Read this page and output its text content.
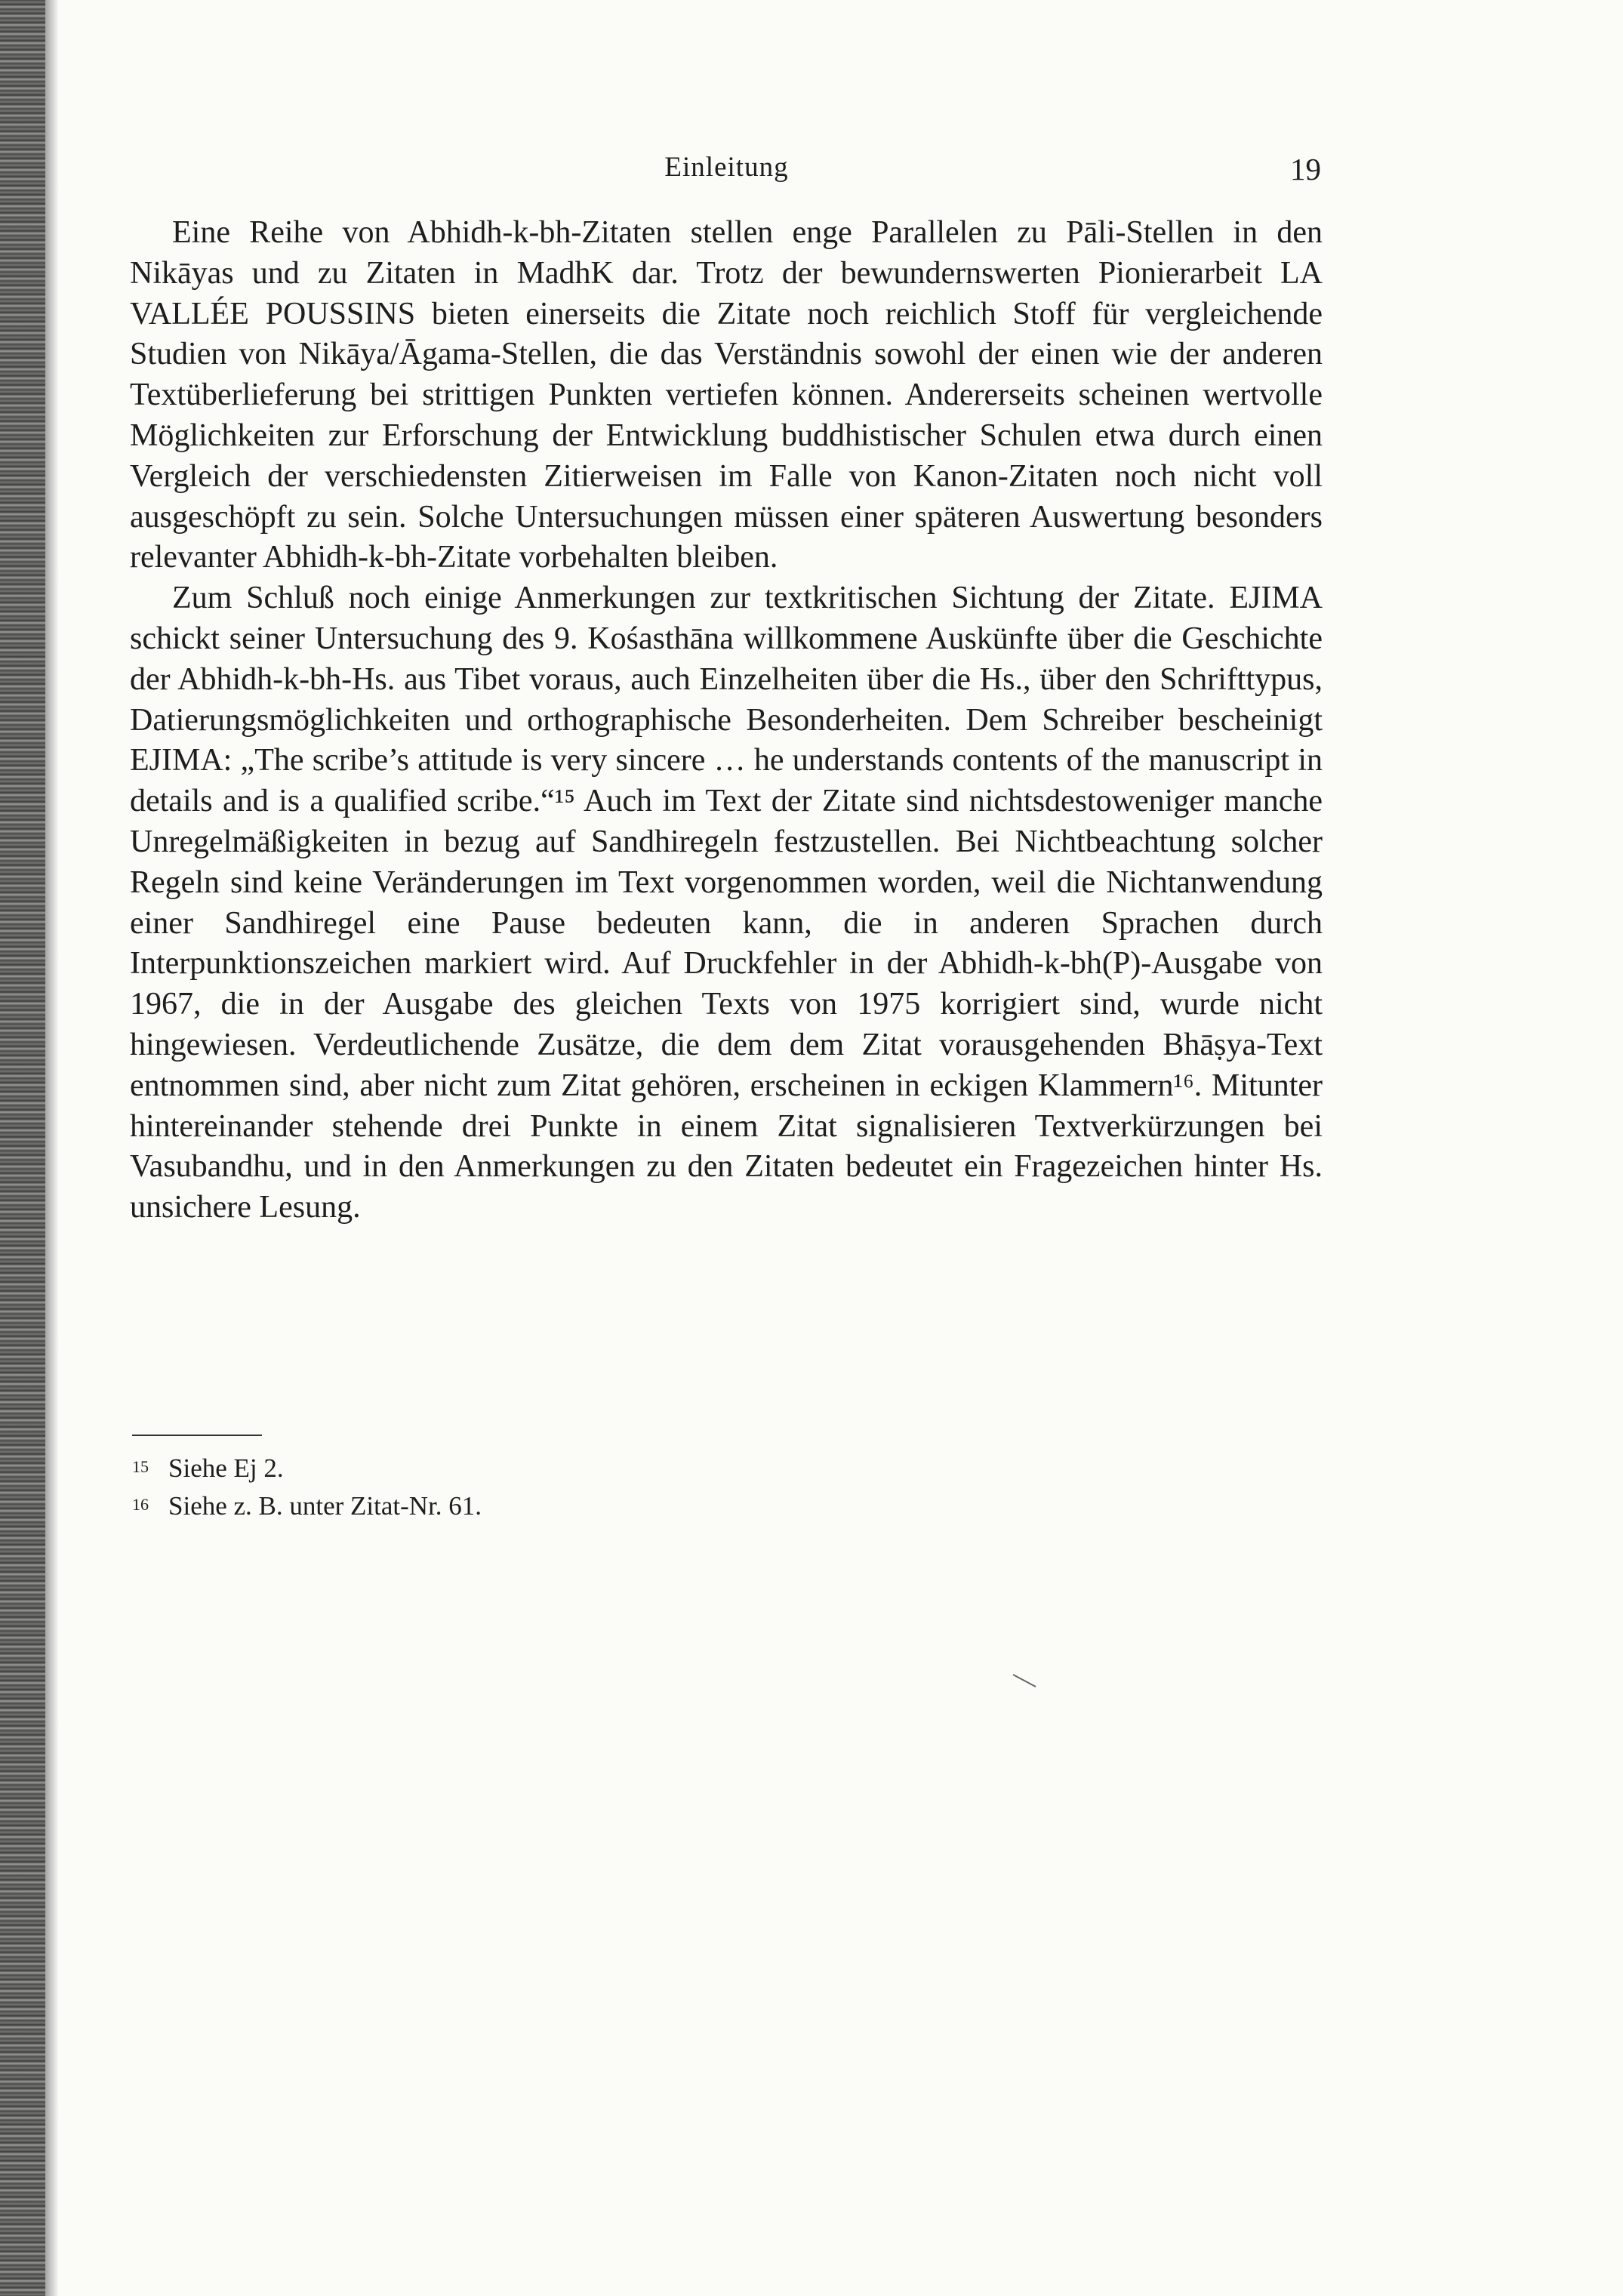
Einleitung	19

Eine Reihe von Abhidh-k-bh-Zitaten stellen enge Parallelen zu Pāli-Stellen in den Nikāyas und zu Zitaten in MadhK dar. Trotz der bewundernswerten Pionierarbeit LA VALLÉE POUSSINS bieten einerseits die Zitate noch reichlich Stoff für vergleichende Studien von Nikāya/Āgama-Stellen, die das Verständnis sowohl der einen wie der anderen Textüberlieferung bei strittigen Punkten vertiefen können. Andererseits scheinen wertvolle Möglichkeiten zur Erforschung der Entwicklung buddhistischer Schulen etwa durch einen Vergleich der verschiedensten Zitierweisen im Falle von Kanon-Zitaten noch nicht voll ausgeschöpft zu sein. Solche Untersuchungen müssen einer späteren Auswertung besonders relevanter Abhidh-k-bh-Zitate vorbehalten bleiben.

Zum Schluß noch einige Anmerkungen zur textkritischen Sichtung der Zitate. EJIMA schickt seiner Untersuchung des 9. Kośasthāna willkommene Auskünfte über die Geschichte der Abhidh-k-bh-Hs. aus Tibet voraus, auch Einzelheiten über die Hs., über den Schrifttypus, Datierungsmöglichkeiten und orthographische Besonderheiten. Dem Schreiber bescheinigt EJIMA: „The scribe’s attitude is very sincere … he understands contents of the manuscript in details and is a qualified scribe.“¹⁵ Auch im Text der Zitate sind nichtsdestoweniger manche Unregelmäßigkeiten in bezug auf Sandhiregeln festzustellen. Bei Nichtbeachtung solcher Regeln sind keine Veränderungen im Text vorgenommen worden, weil die Nichtanwendung einer Sandhiregel eine Pause bedeuten kann, die in anderen Sprachen durch Interpunktionszeichen markiert wird. Auf Druckfehler in der Abhidh-k-bh(P)-Ausgabe von 1967, die in der Ausgabe des gleichen Texts von 1975 korrigiert sind, wurde nicht hingewiesen. Verdeutlichende Zusätze, die dem dem Zitat vorausgehenden Bhāṣya-Text entnommen sind, aber nicht zum Zitat gehören, erscheinen in eckigen Klammern¹⁶. Mitunter hintereinander stehende drei Punkte in einem Zitat signalisieren Textverkürzungen bei Vasubandhu, und in den Anmerkungen zu den Zitaten bedeutet ein Fragezeichen hinter Hs. unsichere Lesung.

15 Siehe Ej 2.
16 Siehe z. B. unter Zitat-Nr. 61.
